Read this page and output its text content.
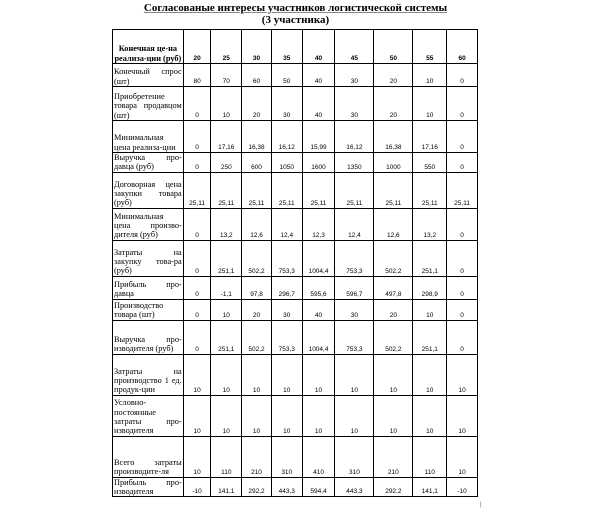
Согласованые интересы участников логистической системы
(3 участника)
Конечная це-на реализа-ции (руб)	20	25	30	35	40	45	50	55	60
Конечный спрос (шт)	80	70	60	50	40	30	20	10	0
Приобретение товара продавцом (шт)	0	10	20	30	40	30	20	10	0
Минимальная цена реализа-ции	0	17,16	16,38	16,12	15,99	16,12	16,38	17,16	0
Выручка про-давца (руб)	0	250	600	1050	1600	1350	1000	550	0
Договорная цена закупки товара (руб)	25,11	25,11	25,11	25,11	25,11	25,11	25,11	25,11	25,11
Минимальная цена произво-дителя (руб)	0	13,2	12,6	12,4	12,3	12,4	12,6	13,2	0
Затраты на закупку това-ра (руб)	0	251,1	502,2	753,3	1004,4	753,3	502,2	251,1	0
Прибыль про-давца	0	-1,1	97,8	296,7	595,6	596,7	497,8	298,9	0
Производство товара (шт)	0	10	20	30	40	30	20	10	0
Выручка про-изводителя (руб)	0	251,1	502,2	753,3	1004,4	753,3	502,2	251,1	0
Затраты на производство 1 ед. продук-ции	10	10	10	10	10	10	10	10	10
Условно-постоянные затраты про-изводителя	10	10	10	10	10	10	10	10	10
Всего затраты производите-ля	10	110	210	310	410	310	210	110	10
Прибыль про-изводителя	-10	141,1	292,2	443,3	594,4	443,3	292,2	141,1	-10
|
